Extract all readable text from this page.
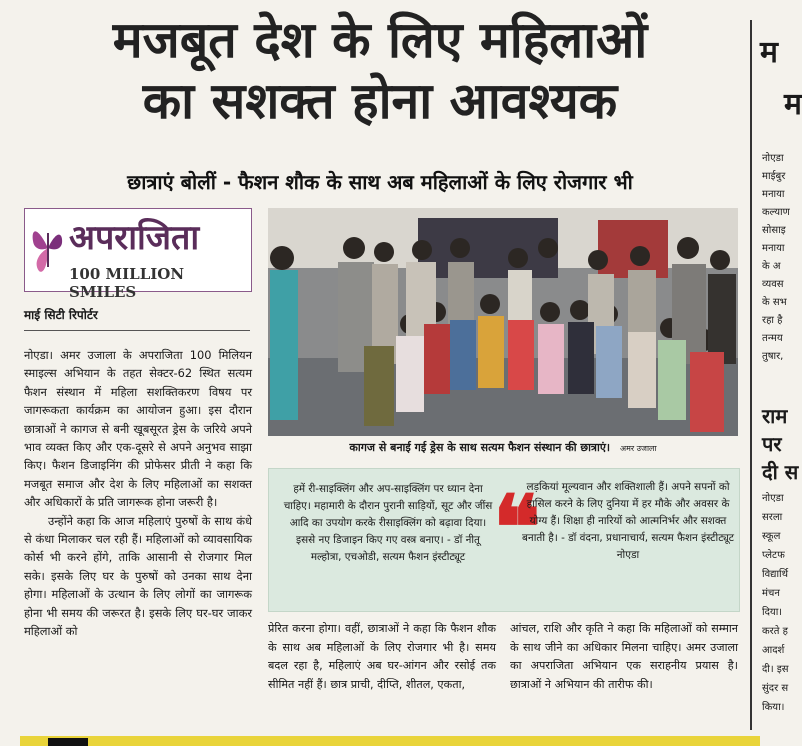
मजबूत देश के लिए महिलाओं
का सशक्त होना आवश्यक
छात्राएं बोलीं - फैशन शौक के साथ अब महिलाओं के लिए रोजगार भी
अपराजिता
100 MILLION SMILES
माई सिटी रिपोर्टर

नोएडा। अमर उजाला के अपराजिता 100 मिलियन स्माइल्स अभियान के तहत सेक्टर-62 स्थित सत्यम फैशन संस्थान में महिला सशक्तिकरण विषय पर जागरूकता कार्यक्रम का आयोजन हुआ। इस दौरान छात्राओं ने कागज से बनी खूबसूरत ड्रेस के जरिये अपने भाव व्यक्त किए और एक-दूसरे से अपने अनुभव साझा किए। फैशन डिजाइनिंग की प्रोफेसर प्रीती ने कहा कि मजबूत समाज और देश के लिए महिलाओं का सशक्त और अधिकारों के प्रति जागरूक होना जरूरी है।

उन्होंने कहा कि आज महिलाएं पुरुषों के साथ कंधे से कंधा मिलाकर चल रही हैं। महिलाओं को व्यावसायिक कोर्स भी करने होंगे, ताकि आसानी से रोजगार मिल सके। इसके लिए घर के पुरुषों को उनका साथ देना होगा। महिलाओं के उत्थान के लिए लोगों का जागरूक होना भी समय की जरूरत है। इसके लिए घर-घर जाकर महिलाओं को

कागज से बनाई गई ड्रेस के साथ सत्यम फैशन संस्थान की छात्राएं। अमर उजाला
हमें री-साइक्लिंग और अप-साइक्लिंग पर ध्यान देना चाहिए। महामारी के दौरान पुरानी साड़ियों, सूट और जींस आदि का उपयोग करके रीसाइक्लिंग को बढ़ावा दिया। इससे नए डिजाइन किए गए वस्त्र बनाए। - डॉ नीतू मल्होत्रा, एचओडी, सत्यम फैशन इंस्टीट्यूट ❝
लड़कियां मूल्यवान और शक्तिशाली हैं। अपने सपनों को हासिल करने के लिए दुनिया में हर मौके और अवसर के योग्य हैं। शिक्षा ही नारियों को आत्मनिर्भर और सशक्त बनाती है। - डॉ वंदना, प्रधानाचार्य, सत्यम फैशन इंस्टीट्यूट नोएडा
प्रेरित करना होगा। वहीं, छात्राओं ने कहा कि फैशन शौक के साथ अब महिलाओं के लिए रोजगार भी है। समय बदल रहा है, महिलाएं अब घर-आंगन और रसोई तक सीमित नहीं हैं। छात्र प्राची, दीप्ति, शीतल, एकता,
आंचल, राशि और कृति ने कहा कि महिलाओं को सम्मान के साथ जीने का अधिकार मिलना चाहिए। अमर उजाला का अपराजिता अभियान एक सराहनीय प्रयास है। छात्राओं ने अभियान की तारीफ की।
म
म
नोएडा
माईबुर
मनाया
कल्याण
सोसाइ
मनाया
के अ
व्यवस
के सभ
रहा है
तन्मय
तुषार,
राम
पर
दी स
नोएडा
सरला
स्कूल
प्लेटफ
विद्यार्थि
मंचन
दिया।
करते ह
आदर्श
दी। इस
सुंदर स
किया।
